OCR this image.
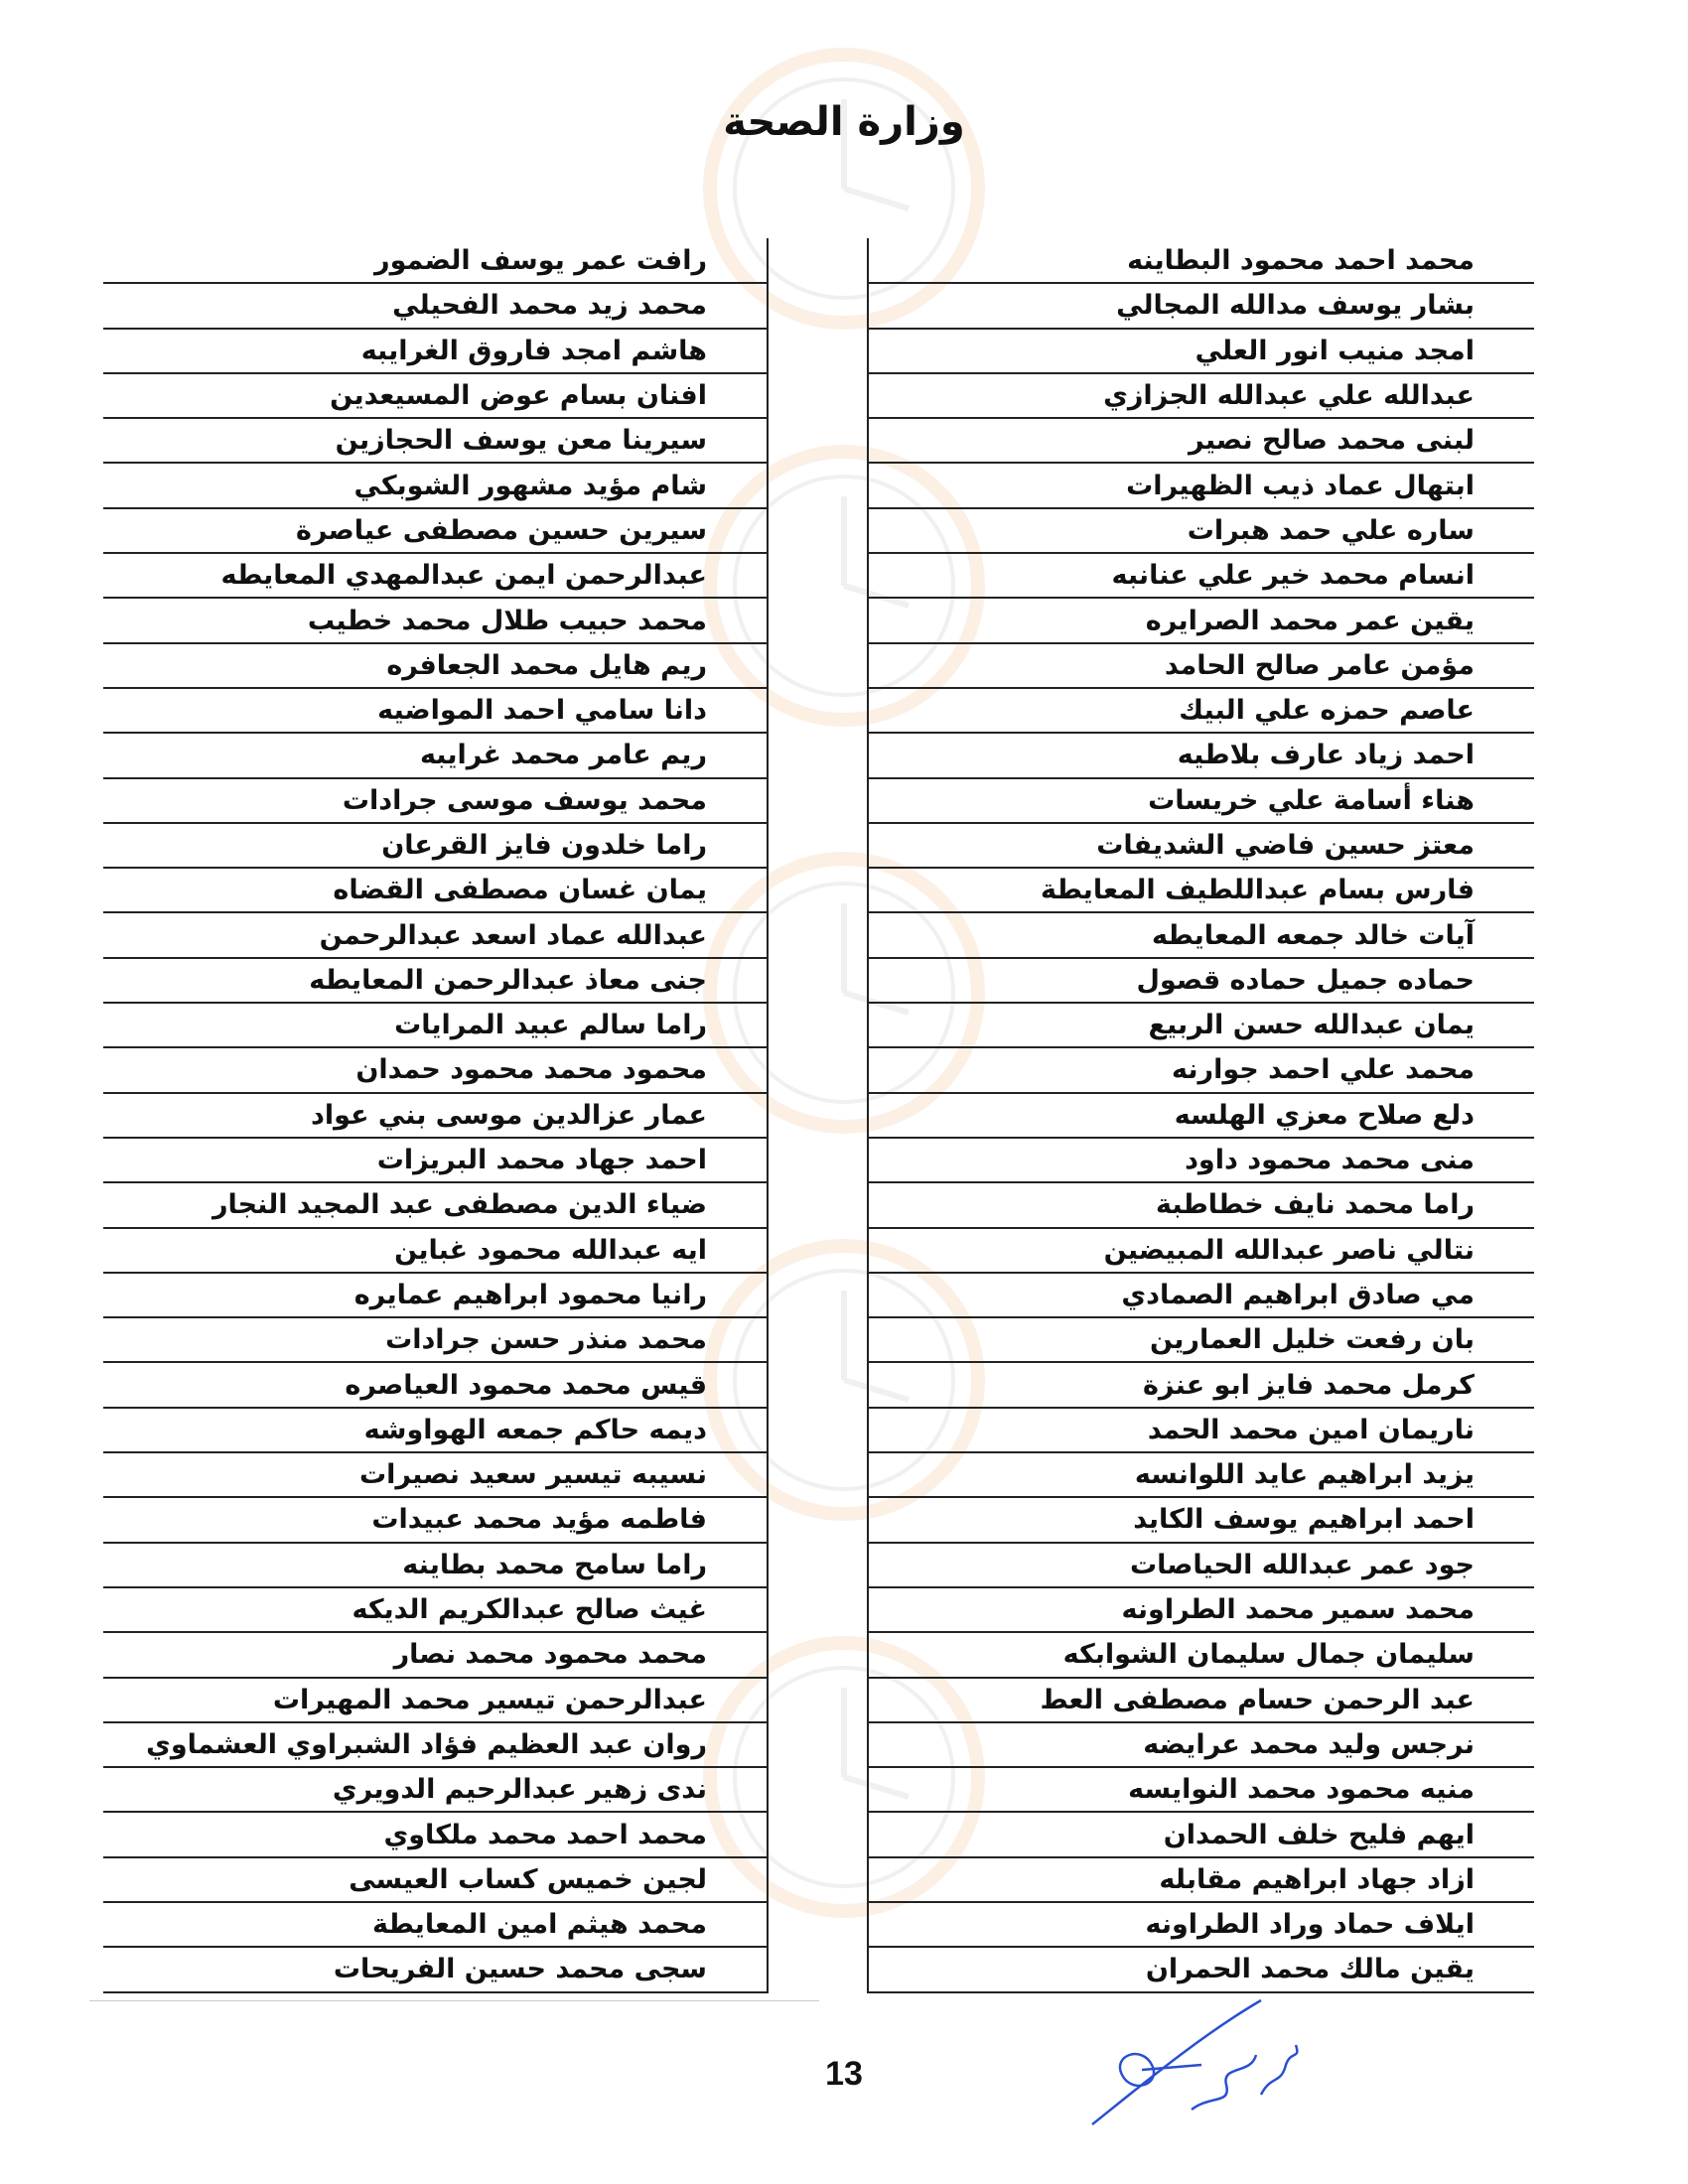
وزارة الصحة
محمد احمد محمود البطاينه
بشار يوسف مدالله المجالي
امجد منيب انور العلي
عبدالله علي عبدالله الجزازي
لبنى محمد صالح نصير
ابتهال عماد ذيب الظهيرات
ساره علي حمد هبرات
انسام محمد خير علي عنانبه
يقين عمر محمد الصرايره
مؤمن عامر صالح الحامد
عاصم حمزه علي البيك
احمد زياد عارف بلاطيه
هناء أسامة علي خريسات
معتز حسين فاضي الشديفات
فارس بسام عبداللطيف المعايطة
آيات خالد جمعه المعايطه
حماده جميل حماده قصول
يمان عبدالله حسن الربيع
محمد علي احمد جوارنه
دلع صلاح معزي الهلسه
منى محمد محمود داود
راما محمد نايف خطاطبة
نتالي ناصر عبدالله المبيضين
مي صادق ابراهيم الصمادي
بان رفعت خليل العمارين
كرمل محمد فايز ابو عنزة
ناريمان امين محمد الحمد
يزيد ابراهيم عايد اللوانسه
احمد ابراهيم يوسف الكايد
جود عمر عبدالله الحياصات
محمد سمير محمد الطراونه
سليمان جمال سليمان الشوابكه
عبد الرحمن حسام مصطفى العط
نرجس وليد محمد عرايضه
منيه محمود محمد النوايسه
ايهم فليح خلف الحمدان
ازاد جهاد ابراهيم مقابله
ايلاف حماد وراد الطراونه
يقين مالك محمد الحمران
رافت عمر يوسف الضمور
محمد زيد محمد الفحيلي
هاشم امجد فاروق الغرايبه
افنان بسام عوض المسيعدين
سيرينا معن يوسف الحجازين
شام مؤيد مشهور الشوبكي
سيرين حسين مصطفى عياصرة
عبدالرحمن ايمن عبدالمهدي المعايطه
محمد حبيب طلال محمد خطيب
ريم هايل محمد الجعافره
دانا سامي احمد المواضيه
ريم عامر محمد غرايبه
محمد يوسف موسى جرادات
راما خلدون فايز القرعان
يمان غسان مصطفى القضاه
عبدالله عماد اسعد عبدالرحمن
جنى معاذ عبدالرحمن المعايطه
راما سالم عبيد المرايات
محمود محمد محمود حمدان
عمار عزالدين موسى بني عواد
احمد جهاد محمد البريزات
ضياء الدين مصطفى عبد المجيد النجار
ايه عبدالله محمود غباين
رانيا محمود ابراهيم عمايره
محمد منذر حسن جرادات
قيس محمد محمود العياصره
ديمه حاكم جمعه الهواوشه
نسيبه تيسير سعيد نصيرات
فاطمه مؤيد محمد عبيدات
راما سامح محمد بطاينه
غيث صالح عبدالكريم الديكه
محمد محمود محمد نصار
عبدالرحمن تيسير محمد المهيرات
روان عبد العظيم فؤاد الشبراوي العشماوي
ندى زهير عبدالرحيم الدويري
محمد احمد محمد ملكاوي
لجين خميس كساب العيسى
محمد هيثم امين المعايطة
سجى محمد حسين الفريحات
13
